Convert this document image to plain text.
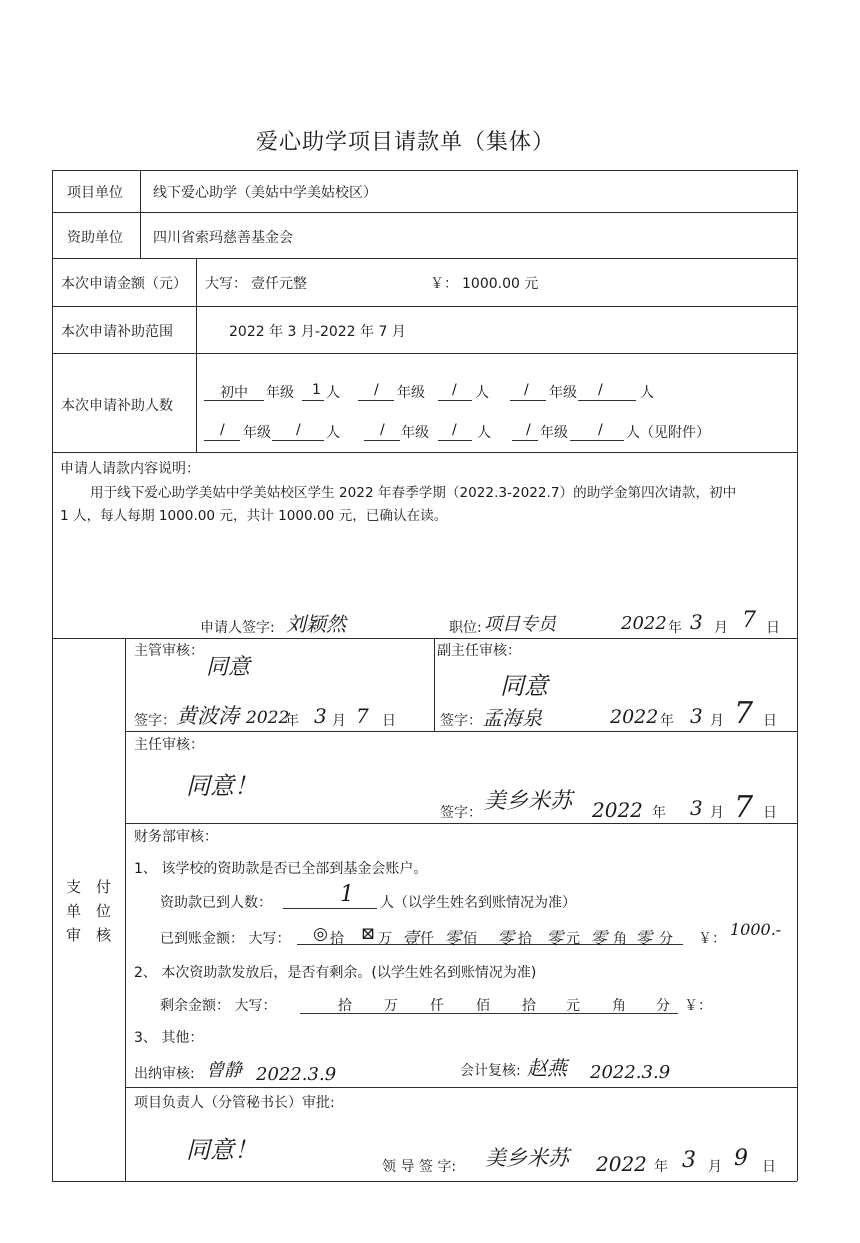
爱心助学项目请款单（集体）
项目单位 线下爱心助学（美姑中学美姑校区）
资助单位 四川省索玛慈善基金会
本次申请金额（元） 大写： 壹仟元整	￥： 1000.00 元
本次申请补助范围	2022 年 3 月-2022 年 7 月
本次申请补助人数
初中 年级 1 人 / 年级 / 人	/ 年级 /	人
/ 年级 / 人	/ 年级 / 人	/ 年级 / 人 （见附件）
申请人请款内容说明：
用于线下爱心助学美姑中学美姑校区学生 2022 年春季学期（2022.3-2022.7）的助学金第四次请款，初中
1 人，每人每期 1000.00 元，共计 1000.00 元，已确认在读。
申请人签字: 刘颖然	职位: 项目专员	2022 年 3 月 7 日
支 付
单 位
审 核
主管审核：
同意
签字： 黄波涛 2022
年 3 月 7 日
副主任审核：
同意
签字： 孟海泉	2022 年 3 月 7 日
主任审核：
同意！
签字： 美乡米苏 2022 年 3 月 7 日
财务部审核：
1、 该学校的资助款是否已全部到基金会账户。
资助款已到人数：	1 人（以学生姓名到账情况为准）
已到账金额： 大写： ◎ 拾 ⊠ 万 壹 仟 零 佰 零 拾 零 元 零 角 零 分 ￥： 1000.-
2、 本次资助款发放后，是否有剩余。(以学生姓名到账情况为准)
剩余金额： 大写：	拾 万 仟 佰 拾 元 角 分 ￥：
3、 其他：
出纳审核: 曾静 2022.3.9	会计复核: 赵燕 2022.3.9
项目负责人（分管秘书长）审批:
同意！
领 导 签 字: 美乡米苏 2022 年 3 月 9 日
